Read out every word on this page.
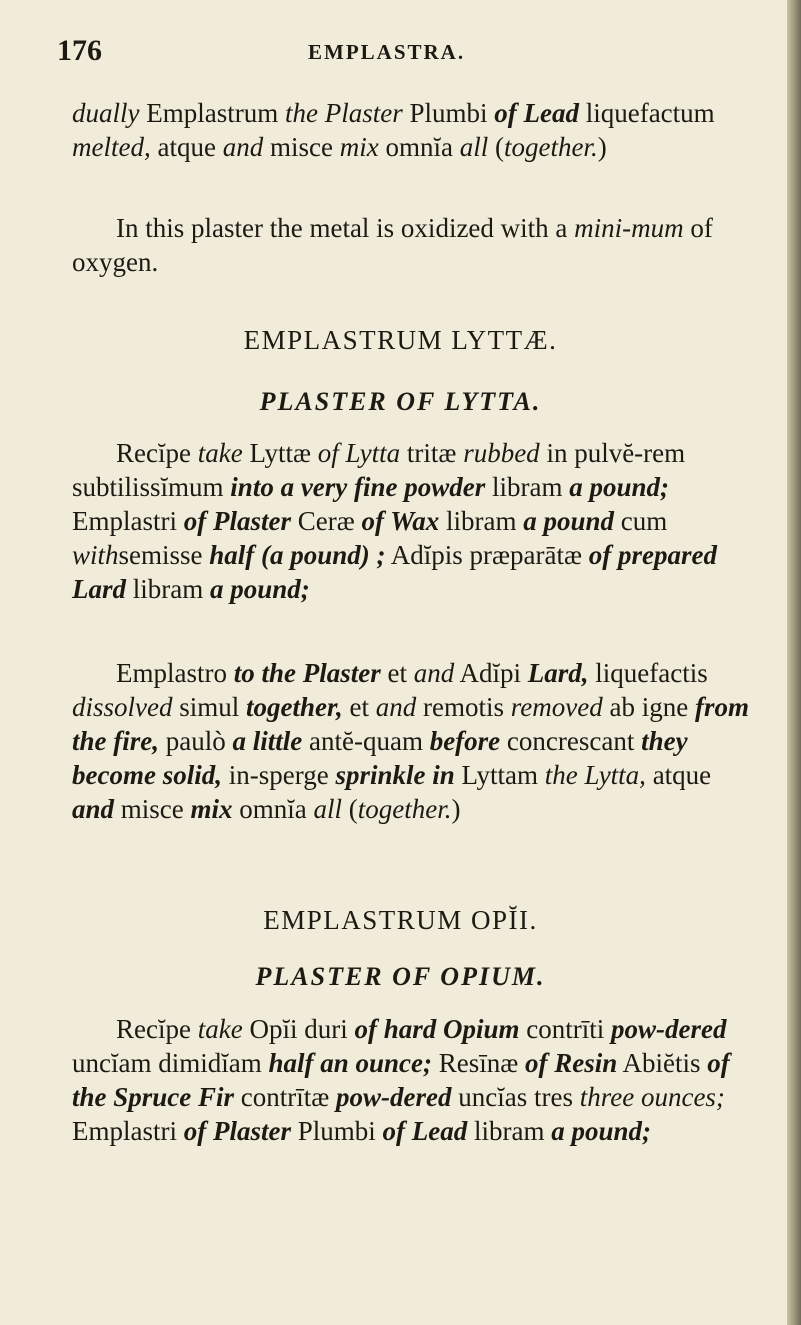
176	EMPLASTRA.

dually Emplastrum the Plaster Plumbi of Lead liquefactum melted, atque and misce mix omnĭa all (together.)

In this plaster the metal is oxidized with a mini-mum of oxygen.

EMPLASTRUM LYTTÆ.

PLASTER OF LYTTA.

Recĭpe take Lyttæ of Lytta tritæ rubbed in pulvĕ-rem subtilissĭmum into a very fine powder libram a pound; Emplastri of Plaster Ceræ of Wax libram a pound cum withsemisse half (a pound) ; Adĭpis præparātæ of prepared Lard libram a pound;

Emplastro to the Plaster et and Adĭpi Lard, liquefactis dissolved simul together, et and remotis removed ab igne from the fire, paulò a little antĕ-quam before concrescant they become solid, in-sperge sprinkle in Lyttam the Lytta, atque and misce mix omnĭa all (together.)

EMPLASTRUM OPĬI.

PLASTER OF OPIUM.

Recĭpe take Opĭi duri of hard Opium contrīti pow-dered uncĭam dimidĭam half an ounce; Resīnæ of Resin Abiĕtis of the Spruce Fir contrītæ pow-dered uncĭas tres three ounces; Emplastri of Plaster Plumbi of Lead libram a pound;
